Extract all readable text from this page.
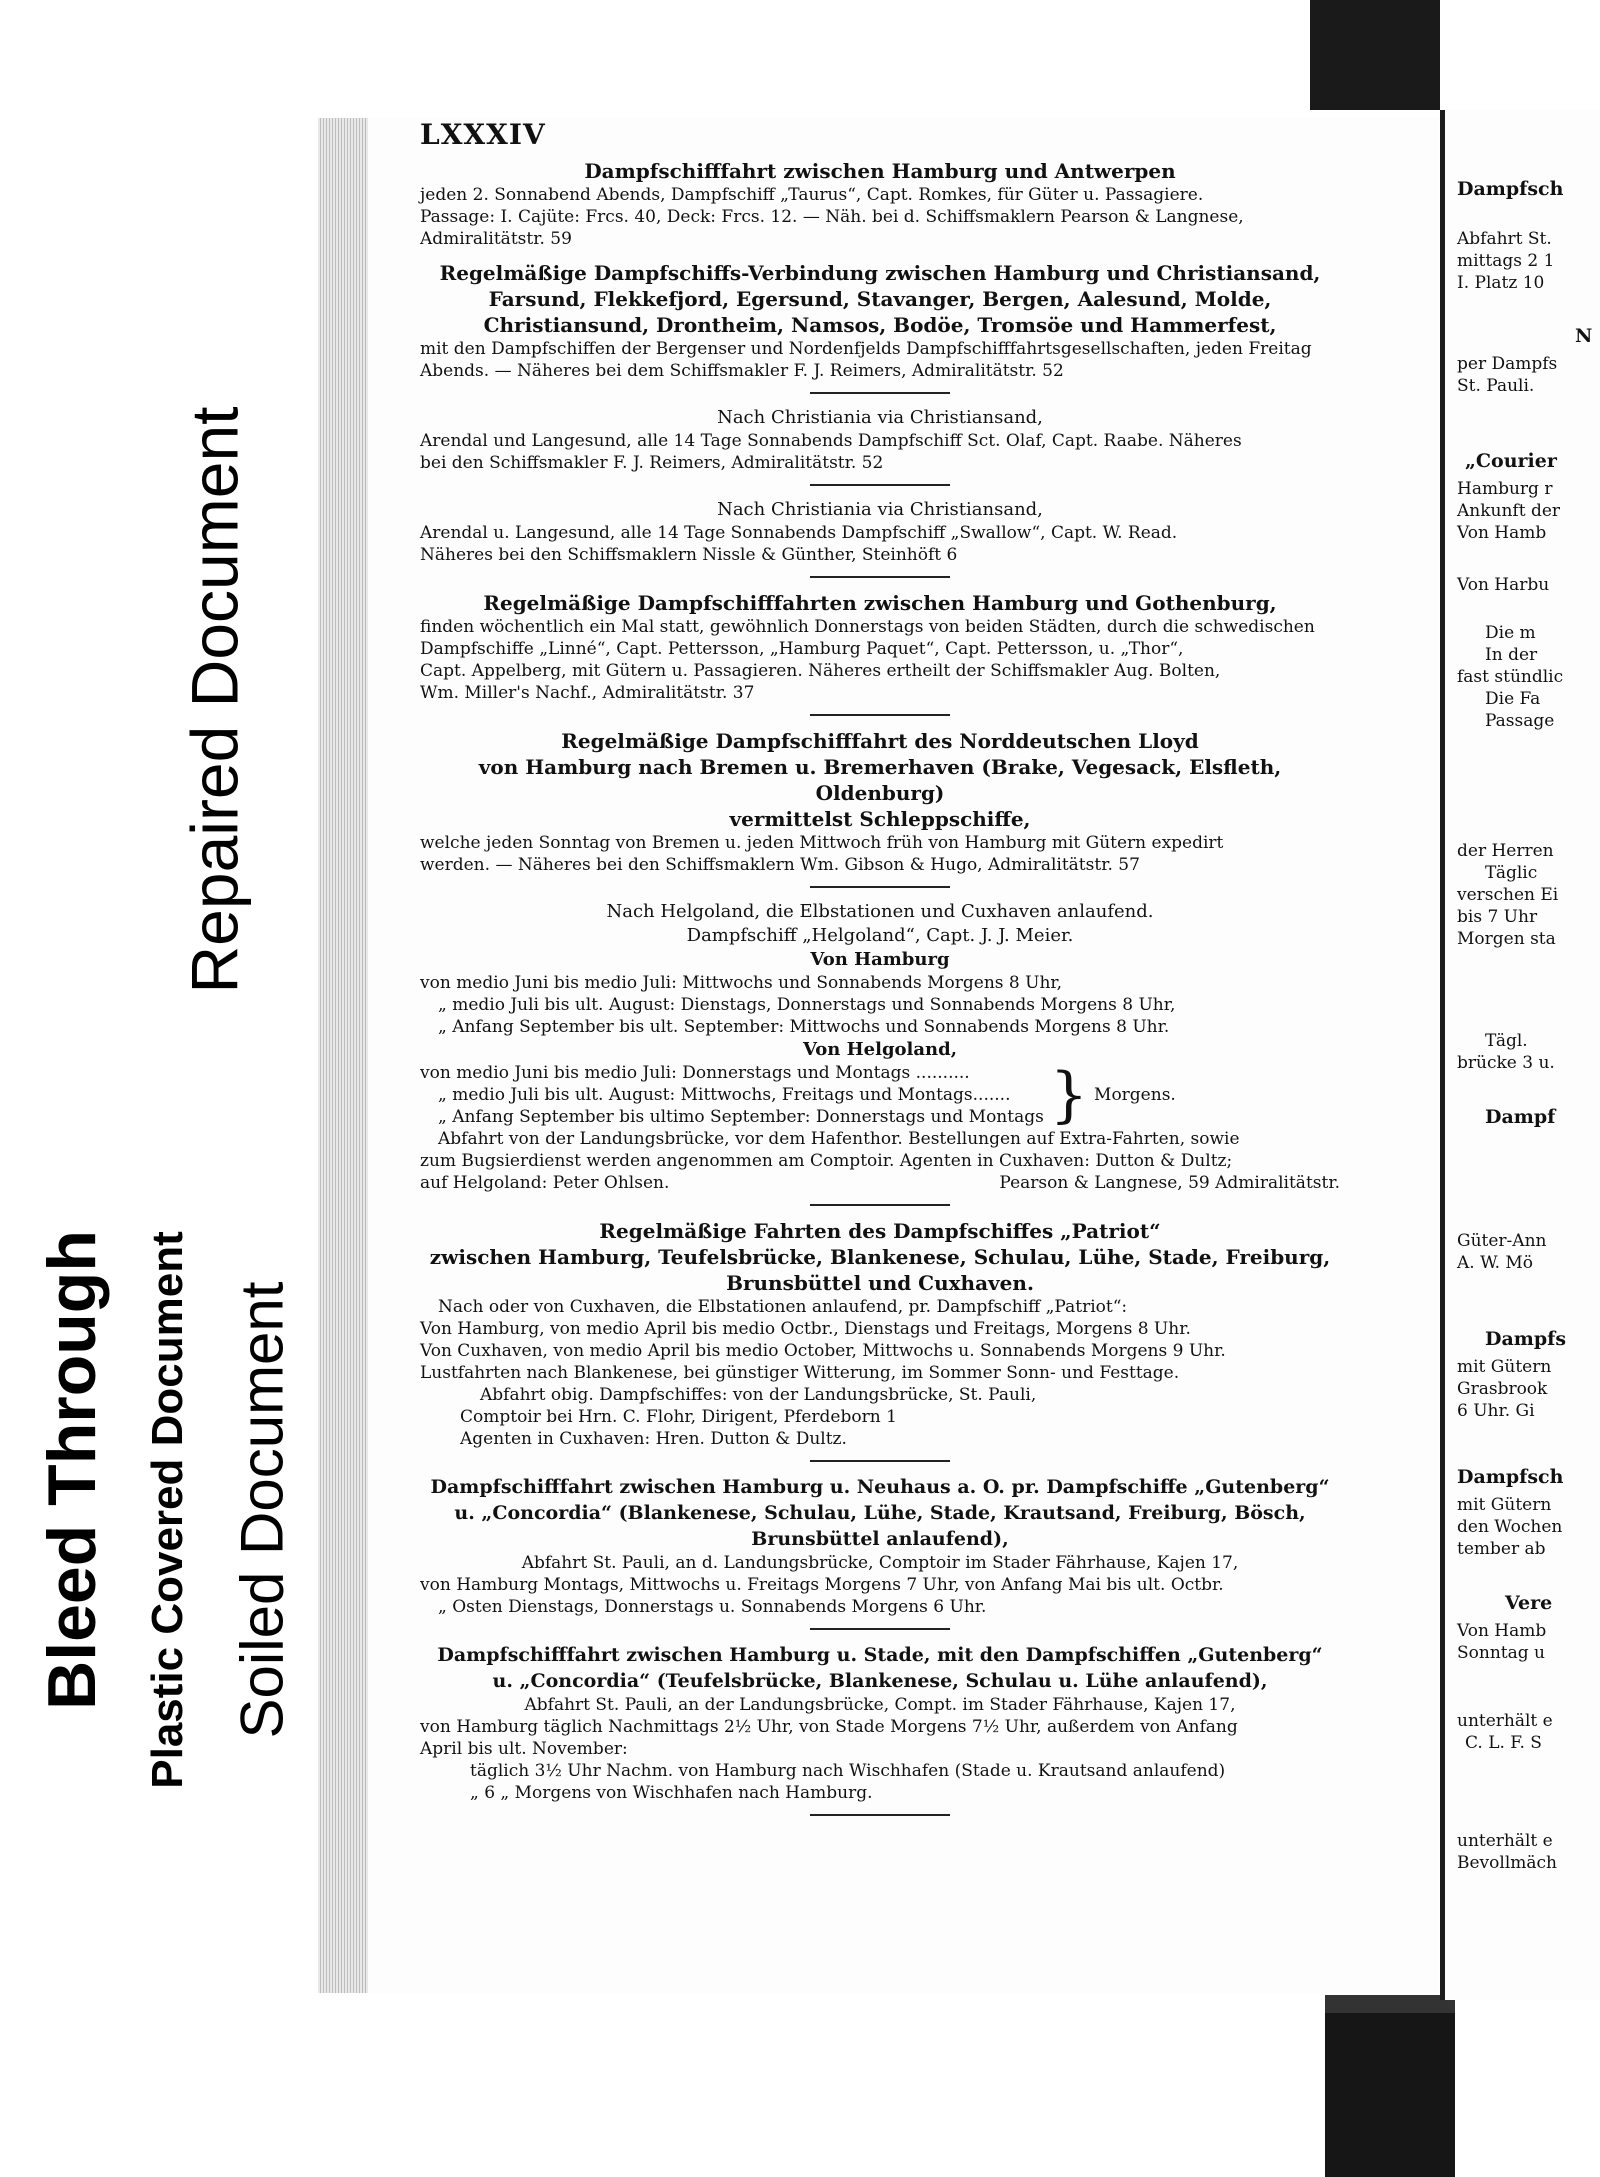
Repaired Document
Bleed Through Plastic Covered Document Soiled Document
LXXXIV
Dampfschifffahrt zwischen Hamburg und Antwerpen
jeden 2. Sonnabend Abends, Dampfschiff „Taurus“, Capt. Romkes, für Güter u. Passagiere.
Passage: I. Cajüte: Frcs. 40, Deck: Frcs. 12. — Näh. bei d. Schiffsmaklern Pearson & Langnese,
Admiralitätstr. 59
Regelmäßige Dampfschiffs-Verbindung zwischen Hamburg und Christiansand,
Farsund, Flekkefjord, Egersund, Stavanger, Bergen, Aalesund, Molde,
Christiansund, Drontheim, Namsos, Bodöe, Tromsöe und Hammerfest,
mit den Dampfschiffen der Bergenser und Nordenfjelds Dampfschifffahrtsgesellschaften, jeden Freitag
Abends. — Näheres bei dem Schiffsmakler F. J. Reimers, Admiralitätstr. 52
Nach Christiania via Christiansand,
Arendal und Langesund, alle 14 Tage Sonnabends Dampfschiff Sct. Olaf, Capt. Raabe. Näheres
bei den Schiffsmakler F. J. Reimers, Admiralitätstr. 52
Nach Christiania via Christiansand,
Arendal u. Langesund, alle 14 Tage Sonnabends Dampfschiff „Swallow“, Capt. W. Read.
Näheres bei den Schiffsmaklern Nissle & Günther, Steinhöft 6
Regelmäßige Dampfschifffahrten zwischen Hamburg und Gothenburg,
finden wöchentlich ein Mal statt, gewöhnlich Donnerstags von beiden Städten, durch die schwedischen
Dampfschiffe „Linné“, Capt. Pettersson, „Hamburg Paquet“, Capt. Pettersson, u. „Thor“,
Capt. Appelberg, mit Gütern u. Passagieren. Näheres ertheilt der Schiffsmakler Aug. Bolten,
Wm. Miller's Nachf., Admiralitätstr. 37
Regelmäßige Dampfschifffahrt des Norddeutschen Lloyd
von Hamburg nach Bremen u. Bremerhaven (Brake, Vegesack, Elsfleth, Oldenburg)
vermittelst Schleppschiffe,
welche jeden Sonntag von Bremen u. jeden Mittwoch früh von Hamburg mit Gütern expedirt
werden. — Näheres bei den Schiffsmaklern Wm. Gibson & Hugo, Admiralitätstr. 57
Nach Helgoland, die Elbstationen und Cuxhaven anlaufend.
Dampfschiff „Helgoland“, Capt. J. J. Meier.
Von Hamburg
von medio Juni bis medio Juli: Mittwochs und Sonnabends Morgens 8 Uhr,
„ medio Juli bis ult. August: Dienstags, Donnerstags und Sonnabends Morgens 8 Uhr,
„ Anfang September bis ult. September: Mittwochs und Sonnabends Morgens 8 Uhr.
Von Helgoland,
von medio Juni bis medio Juli: Donnerstags und Montags ..........
„ medio Juli bis ult. August: Mittwochs, Freitags und Montags.......
„ Anfang September bis ultimo September: Donnerstags und Montags } Morgens.
Abfahrt von der Landungsbrücke, vor dem Hafenthor. Bestellungen auf Extra-Fahrten, sowie
zum Bugsierdienst werden angenommen am Comptoir. Agenten in Cuxhaven: Dutton & Dultz;
auf Helgoland: Peter Ohlsen.	Pearson & Langnese, 59 Admiralitätstr.
Regelmäßige Fahrten des Dampfschiffes „Patriot“
zwischen Hamburg, Teufelsbrücke, Blankenese, Schulau, Lühe, Stade, Freiburg,
Brunsbüttel und Cuxhaven.
Nach oder von Cuxhaven, die Elbstationen anlaufend, pr. Dampfschiff „Patriot“:
Von Hamburg, von medio April bis medio Octbr., Dienstags und Freitags, Morgens 8 Uhr.
Von Cuxhaven, von medio April bis medio October, Mittwochs u. Sonnabends Morgens 9 Uhr.
Lustfahrten nach Blankenese, bei günstiger Witterung, im Sommer Sonn- und Festtage.
Abfahrt obig. Dampfschiffes: von der Landungsbrücke, St. Pauli,
Comptoir bei Hrn. C. Flohr, Dirigent, Pferdeborn 1
Agenten in Cuxhaven: Hren. Dutton & Dultz.
Dampfschifffahrt zwischen Hamburg u. Neuhaus a. O. pr. Dampfschiffe „Gutenberg“
u. „Concordia“ (Blankenese, Schulau, Lühe, Stade, Krautsand, Freiburg, Bösch,
Brunsbüttel anlaufend),
Abfahrt St. Pauli, an d. Landungsbrücke, Comptoir im Stader Fährhause, Kajen 17,
von Hamburg Montags, Mittwochs u. Freitags Morgens 7 Uhr, von Anfang Mai bis ult. Octbr.
„ Osten Dienstags, Donnerstags u. Sonnabends Morgens 6 Uhr.
Dampfschifffahrt zwischen Hamburg u. Stade, mit den Dampfschiffen „Gutenberg“
u. „Concordia“ (Teufelsbrücke, Blankenese, Schulau u. Lühe anlaufend),
Abfahrt St. Pauli, an der Landungsbrücke, Compt. im Stader Fährhause, Kajen 17,
von Hamburg täglich Nachmittags 2½ Uhr, von Stade Morgens 7½ Uhr, außerdem von Anfang
April bis ult. November:
täglich 3½ Uhr Nachm. von Hamburg nach Wischhafen (Stade u. Krautsand anlaufend)
„ 6 „ Morgens von Wischhafen nach Hamburg.
Dampfsch
Abfahrt St.
mittags 2 1
I. Platz 10
N
per Dampfs
St. Pauli.
„Courier
Hamburg r
Ankunft der
Von Hamb
Von Harbu
Die m
In der
fast stündlic
Die Fa
Passage
der Herren
Täglic
verschen Ei
bis 7 Uhr
Morgen sta
Tägl.
brücke 3 u.
Dampf
Güter-Ann
A. W. Mö
Dampfs
mit Gütern
Grasbrook
6 Uhr. Gi
Dampfsch
mit Gütern
den Wochen
tember ab
Vere
Von Hamb
Sonntag u
unterhält e
C. L. F. S
unterhält e
Bevollmäch
